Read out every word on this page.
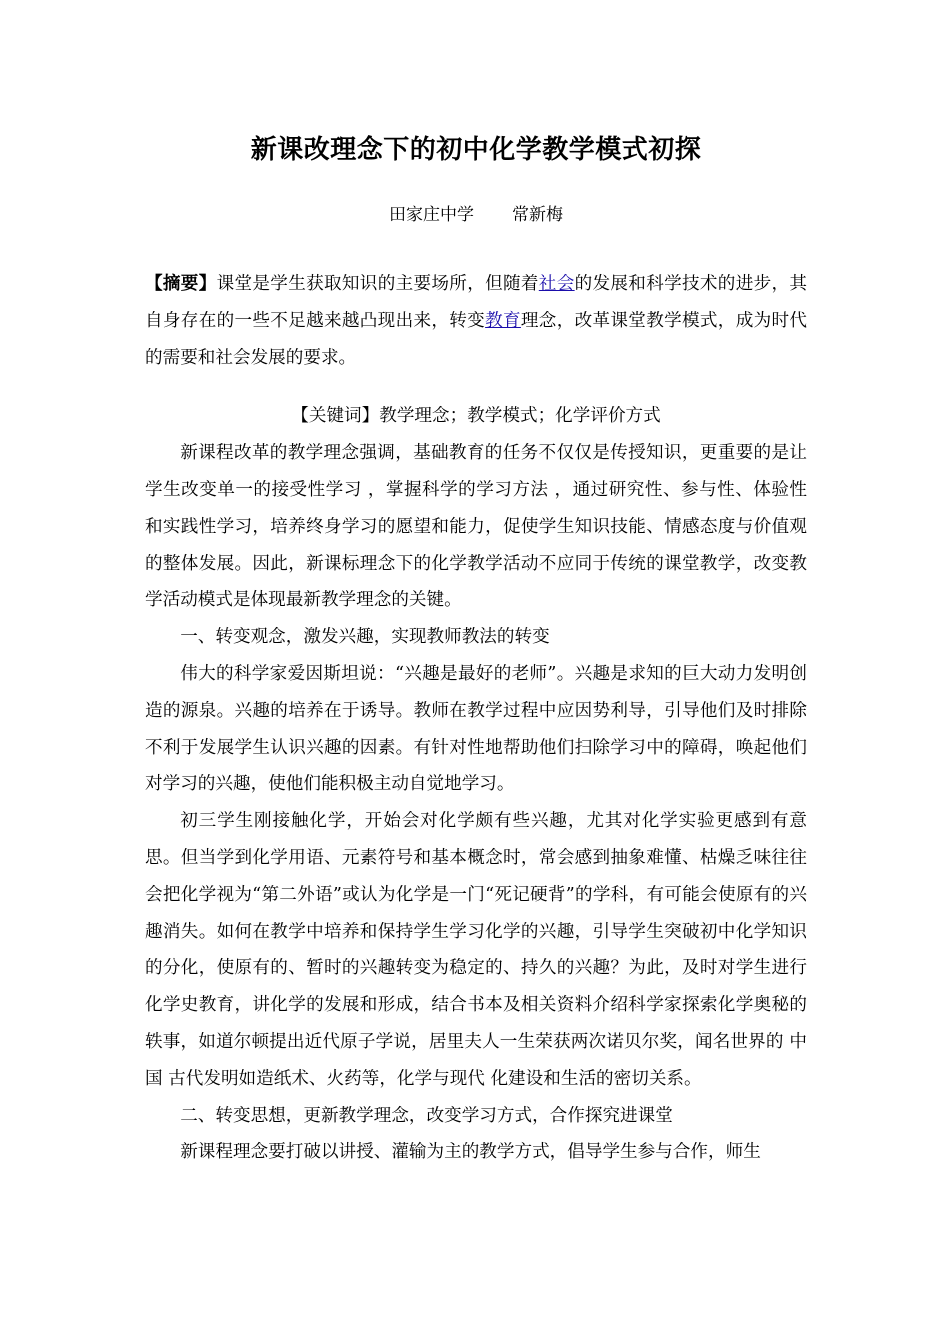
新课改理念下的初中化学教学模式初探
田家庄中学 常新梅

【摘要】课堂是学生获取知识的主要场所，但随着社会的发展和科学技术的进步，其自身存在的一些不足越来越凸现出来，转变教育理念，改革课堂教学模式，成为时代的需要和社会发展的要求。

【关键词】教学理念；教学模式；化学评价方式

新课程改革的教学理念强调，基础教育的任务不仅仅是传授知识，更重要的是让学生改变单一的接受性学习 ，掌握科学的学习方法 ，通过研究性、参与性、体验性和实践性学习，培养终身学习的愿望和能力，促使学生知识技能、情感态度与价值观的整体发展。因此，新课标理念下的化学教学活动不应同于传统的课堂教学，改变教学活动模式是体现最新教学理念的关键。

一、转变观念，激发兴趣，实现教师教法的转变

伟大的科学家爱因斯坦说：“兴趣是最好的老师”。兴趣是求知的巨大动力发明创造的源泉。兴趣的培养在于诱导。教师在教学过程中应因势利导，引导他们及时排除不利于发展学生认识兴趣的因素。有针对性地帮助他们扫除学习中的障碍，唤起他们对学习的兴趣，使他们能积极主动自觉地学习。

初三学生刚接触化学，开始会对化学颇有些兴趣，尤其对化学实验更感到有意思。但当学到化学用语、元素符号和基本概念时，常会感到抽象难懂、枯燥乏味往往会把化学视为“第二外语”或认为化学是一门“死记硬背”的学科，有可能会使原有的兴趣消失。如何在教学中培养和保持学生学习化学的兴趣，引导学生突破初中化学知识的分化，使原有的、暂时的兴趣转变为稳定的、持久的兴趣？为此，及时对学生进行化学史教育，讲化学的发展和形成，结合书本及相关资料介绍科学家探索化学奥秘的轶事，如道尔顿提出近代原子学说，居里夫人一生荣获两次诺贝尔奖，闻名世界的 中国 古代发明如造纸术、火药等，化学与现代 化建设和生活的密切关系。

二、转变思想，更新教学理念，改变学习方式，合作探究进课堂

新课程理念要打破以讲授、灌输为主的教学方式，倡导学生参与合作，师生
